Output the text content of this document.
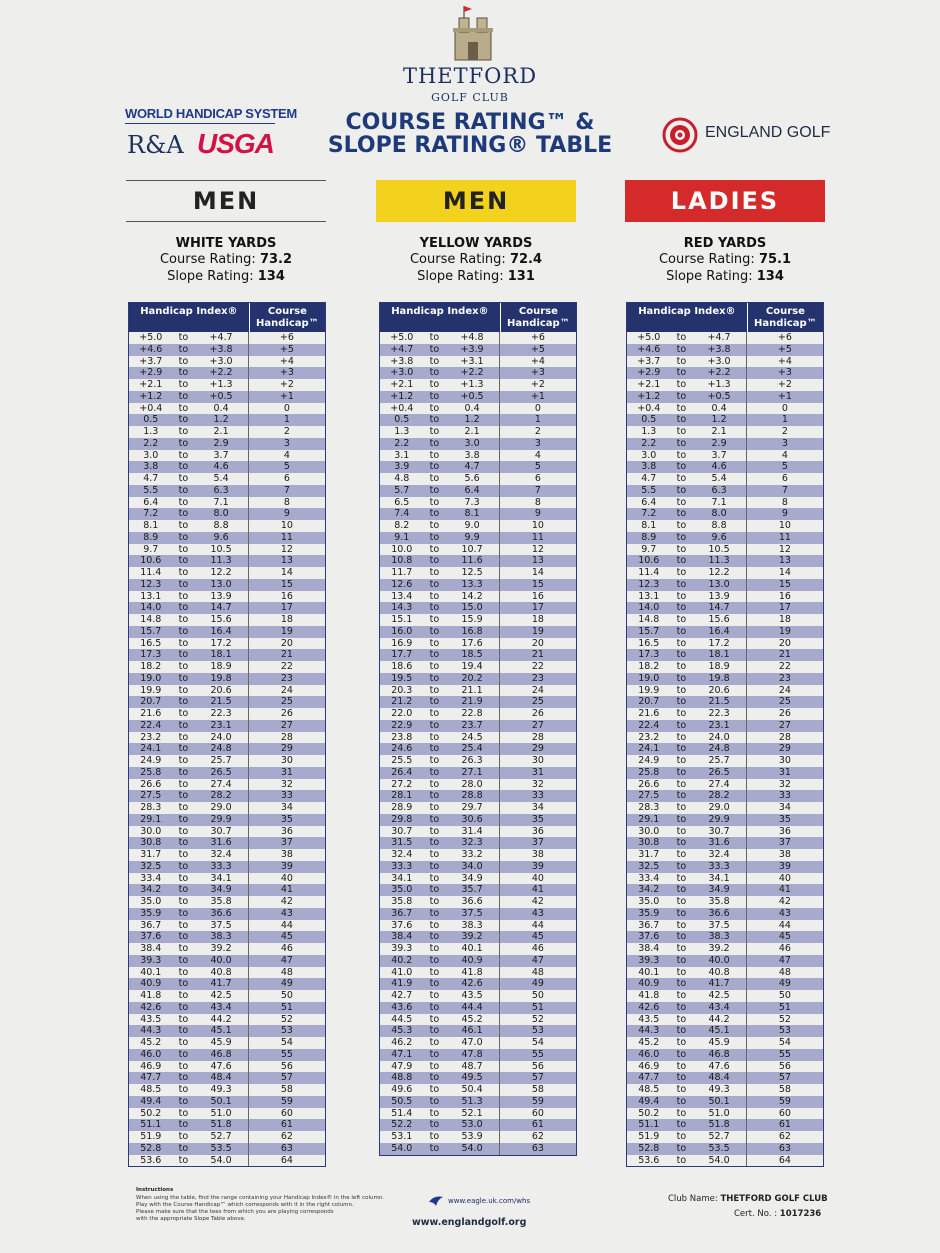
THETFORD
GOLF CLUB
COURSE RATING™ &
SLOPE RATING® TABLE
WORLD HANDICAP SYSTEM
R&A USGA	ENGLAND GOLF
MEN
WHITE YARDS
Course Rating: 73.2
Slope Rating: 134
MEN
YELLOW YARDS
Course Rating: 72.4
Slope Rating: 131
LADIES
RED YARDS
Course Rating: 75.1
Slope Rating: 134
Handicap Index®	Course Handicap™
+5.0	to	+4.7	+6
+4.6	to	+3.8	+5
+3.7	to	+3.0	+4
+2.9	to	+2.2	+3
+2.1	to	+1.3	+2
+1.2	to	+0.5	+1
+0.4	to	0.4	0
0.5	to	1.2	1
1.3	to	2.1	2
2.2	to	2.9	3
3.0	to	3.7	4
3.8	to	4.6	5
4.7	to	5.4	6
5.5	to	6.3	7
6.4	to	7.1	8
7.2	to	8.0	9
8.1	to	8.8	10
8.9	to	9.6	11
9.7	to	10.5	12
10.6	to	11.3	13
11.4	to	12.2	14
12.3	to	13.0	15
13.1	to	13.9	16
14.0	to	14.7	17
14.8	to	15.6	18
15.7	to	16.4	19
16.5	to	17.2	20
17.3	to	18.1	21
18.2	to	18.9	22
19.0	to	19.8	23
19.9	to	20.6	24
20.7	to	21.5	25
21.6	to	22.3	26
22.4	to	23.1	27
23.2	to	24.0	28
24.1	to	24.8	29
24.9	to	25.7	30
25.8	to	26.5	31
26.6	to	27.4	32
27.5	to	28.2	33
28.3	to	29.0	34
29.1	to	29.9	35
30.0	to	30.7	36
30.8	to	31.6	37
31.7	to	32.4	38
32.5	to	33.3	39
33.4	to	34.1	40
34.2	to	34.9	41
35.0	to	35.8	42
35.9	to	36.6	43
36.7	to	37.5	44
37.6	to	38.3	45
38.4	to	39.2	46
39.3	to	40.0	47
40.1	to	40.8	48
40.9	to	41.7	49
41.8	to	42.5	50
42.6	to	43.4	51
43.5	to	44.2	52
44.3	to	45.1	53
45.2	to	45.9	54
46.0	to	46.8	55
46.9	to	47.6	56
47.7	to	48.4	57
48.5	to	49.3	58
49.4	to	50.1	59
50.2	to	51.0	60
51.1	to	51.8	61
51.9	to	52.7	62
52.8	to	53.5	63
53.6	to	54.0	64
Handicap Index®	Course Handicap™
+5.0	to	+4.8	+6
+4.7	to	+3.9	+5
+3.8	to	+3.1	+4
+3.0	to	+2.2	+3
+2.1	to	+1.3	+2
+1.2	to	+0.5	+1
+0.4	to	0.4	0
0.5	to	1.2	1
1.3	to	2.1	2
2.2	to	3.0	3
3.1	to	3.8	4
3.9	to	4.7	5
4.8	to	5.6	6
5.7	to	6.4	7
6.5	to	7.3	8
7.4	to	8.1	9
8.2	to	9.0	10
9.1	to	9.9	11
10.0	to	10.7	12
10.8	to	11.6	13
11.7	to	12.5	14
12.6	to	13.3	15
13.4	to	14.2	16
14.3	to	15.0	17
15.1	to	15.9	18
16.0	to	16.8	19
16.9	to	17.6	20
17.7	to	18.5	21
18.6	to	19.4	22
19.5	to	20.2	23
20.3	to	21.1	24
21.2	to	21.9	25
22.0	to	22.8	26
22.9	to	23.7	27
23.8	to	24.5	28
24.6	to	25.4	29
25.5	to	26.3	30
26.4	to	27.1	31
27.2	to	28.0	32
28.1	to	28.8	33
28.9	to	29.7	34
29.8	to	30.6	35
30.7	to	31.4	36
31.5	to	32.3	37
32.4	to	33.2	38
33.3	to	34.0	39
34.1	to	34.9	40
35.0	to	35.7	41
35.8	to	36.6	42
36.7	to	37.5	43
37.6	to	38.3	44
38.4	to	39.2	45
39.3	to	40.1	46
40.2	to	40.9	47
41.0	to	41.8	48
41.9	to	42.6	49
42.7	to	43.5	50
43.6	to	44.4	51
44.5	to	45.2	52
45.3	to	46.1	53
46.2	to	47.0	54
47.1	to	47.8	55
47.9	to	48.7	56
48.8	to	49.5	57
49.6	to	50.4	58
50.5	to	51.3	59
51.4	to	52.1	60
52.2	to	53.0	61
53.1	to	53.9	62
54.0	to	54.0	63
Handicap Index®	Course Handicap™
+5.0	to	+4.7	+6
+4.6	to	+3.8	+5
+3.7	to	+3.0	+4
+2.9	to	+2.2	+3
+2.1	to	+1.3	+2
+1.2	to	+0.5	+1
+0.4	to	0.4	0
0.5	to	1.2	1
1.3	to	2.1	2
2.2	to	2.9	3
3.0	to	3.7	4
3.8	to	4.6	5
4.7	to	5.4	6
5.5	to	6.3	7
6.4	to	7.1	8
7.2	to	8.0	9
8.1	to	8.8	10
8.9	to	9.6	11
9.7	to	10.5	12
10.6	to	11.3	13
11.4	to	12.2	14
12.3	to	13.0	15
13.1	to	13.9	16
14.0	to	14.7	17
14.8	to	15.6	18
15.7	to	16.4	19
16.5	to	17.2	20
17.3	to	18.1	21
18.2	to	18.9	22
19.0	to	19.8	23
19.9	to	20.6	24
20.7	to	21.5	25
21.6	to	22.3	26
22.4	to	23.1	27
23.2	to	24.0	28
24.1	to	24.8	29
24.9	to	25.7	30
25.8	to	26.5	31
26.6	to	27.4	32
27.5	to	28.2	33
28.3	to	29.0	34
29.1	to	29.9	35
30.0	to	30.7	36
30.8	to	31.6	37
31.7	to	32.4	38
32.5	to	33.3	39
33.4	to	34.1	40
34.2	to	34.9	41
35.0	to	35.8	42
35.9	to	36.6	43
36.7	to	37.5	44
37.6	to	38.3	45
38.4	to	39.2	46
39.3	to	40.0	47
40.1	to	40.8	48
40.9	to	41.7	49
41.8	to	42.5	50
42.6	to	43.4	51
43.5	to	44.2	52
44.3	to	45.1	53
45.2	to	45.9	54
46.0	to	46.8	55
46.9	to	47.6	56
47.7	to	48.4	57
48.5	to	49.3	58
49.4	to	50.1	59
50.2	to	51.0	60
51.1	to	51.8	61
51.9	to	52.7	62
52.8	to	53.5	63
53.6	to	54.0	64
Instructions
When using the table, find the range containing your Handicap Index® in the left column.
Play with the Course Handicap™ which corresponds with it in the right column.
Please make sure that the tees from which you are playing corresponds
with the appropriate Slope Table above.
www.eagle.uk.com/whs
www.englandgolf.org
Club Name: THETFORD GOLF CLUB
Cert. No. : 1017236
